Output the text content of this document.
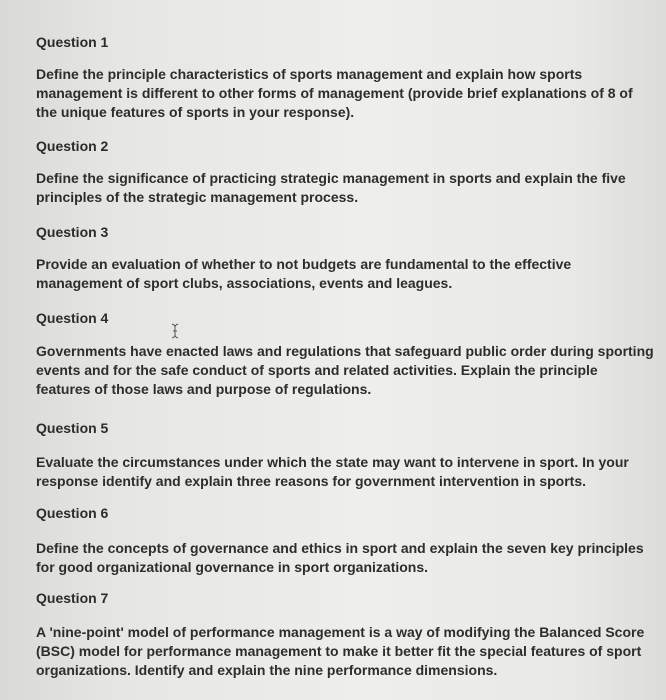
Question 1
Define the principle characteristics of sports management and explain how sports
management is different to other forms of management (provide brief explanations of 8 of
the unique features of sports in your response).
Question 2
Define the significance of practicing strategic management in sports and explain the five
principles of the strategic management process.
Question 3
Provide an evaluation of whether to not budgets are fundamental to the effective
management of sport clubs, associations, events and leagues.
Question 4
Governments have enacted laws and regulations that safeguard public order during sporting
events and for the safe conduct of sports and related activities. Explain the principle
features of those laws and purpose of regulations.
Question 5
Evaluate the circumstances under which the state may want to intervene in sport. In your
response identify and explain three reasons for government intervention in sports.
Question 6
Define the concepts of governance and ethics in sport and explain the seven key principles
for good organizational governance in sport organizations.
Question 7
A 'nine-point' model of performance management is a way of modifying the Balanced Score
(BSC) model for performance management to make it better fit the special features of sport
organizations. Identify and explain the nine performance dimensions.
